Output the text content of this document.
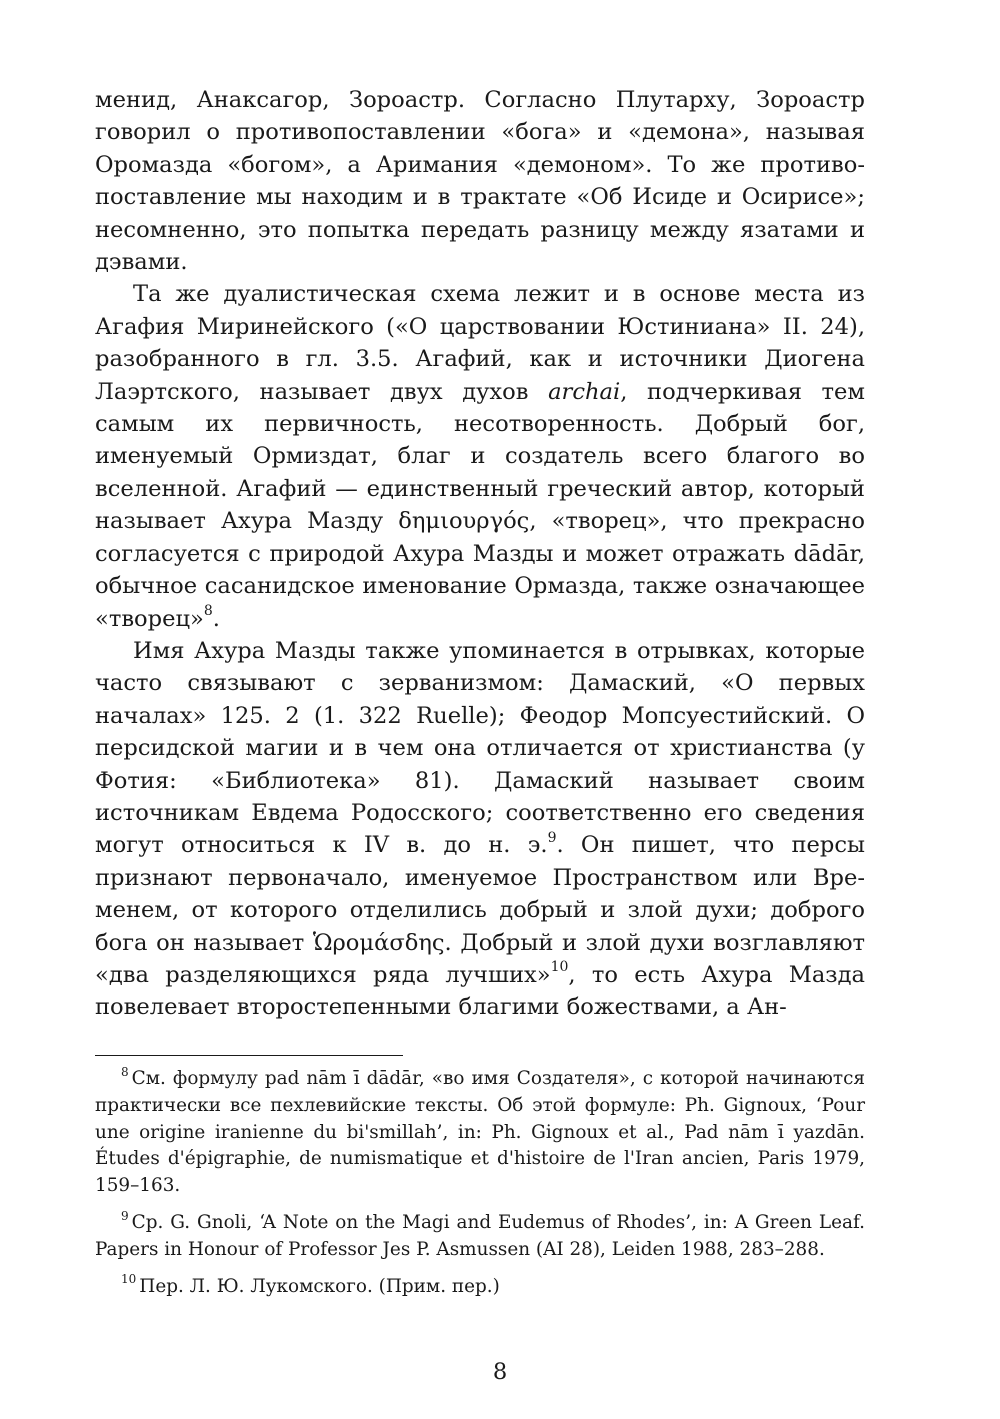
менид, Анаксагор, Зороастр. Согласно Плутарху, Зороастр говорил о противопоставлении «бога» и «демона», называя Оромазда «богом», а Аримания «демоном». То же противопоставление мы находим и в трактате «Об Исиде и Осирисе»; несомненно, это попытка передать разницу между язатами и дэвами.

Та же дуалистическая схема лежит и в основе места из Агафия Миринейского («О царствовании Юстиниана» II. 24), разобранного в гл. 3.5. Агафий, как и источники Диогена Лаэртского, называет двух духов archai, подчеркивая тем самым их первичность, несотворенность. Добрый бог, именуемый Ормиздат, благ и создатель всего благого во вселенной. Агафий — единственный греческий автор, который называет Ахура Мазду δημιουργός, «творец», что прекрасно согласуется с природой Ахура Мазды и может отражать dādār, обычное сасанидское именование Ормазда, также означающее «творец»$^8$.

Имя Ахура Мазды также упоминается в отрывках, которые часто связывают с зерванизмом: Дамаский, «О первых началах» 125. 2 (1. 322 Ruelle); Феодор Мопсуестийский. О персидской магии и в чем она отличается от христианства (у Фотия: «Библиотека» 81). Дамаский называет своим источникам Евдема Родосского; соответственно его сведения могут относиться к IV в. до н. э.$^9$. Он пишет, что персы признают первоначало, именуемое Пространством или Временем, от которого отделились добрый и злой духи; доброго бога он называет Ὡρομάσδης. Добрый и злой духи возглавляют «два разделяющихся ряда лучших»$^{10}$, то есть Ахура Мазда повелевает второстепенными благими божествами, а Ан-

$^8$ См. формулу pad nām ī dādār, «во имя Создателя», с которой начинаются практически все пехлевийские тексты. Об этой формуле: Ph. Gignoux, ‘Pour une origine iranienne du bi'smillah’, in: Ph. Gignoux et al., Pad nām ī yazdān. Études d'épigraphie, de numismatique et d'histoire de l'Iran ancien, Paris 1979, 159–163.

$^9$ Cp. G. Gnoli, ‘A Note on the Magi and Eudemus of Rhodes’, in: A Green Leaf. Papers in Honour of Professor Jes P. Asmussen (AI 28), Leiden 1988, 283–288.

$^{10}$ Пер. Л. Ю. Лукомского. (Прим. пер.)

8
